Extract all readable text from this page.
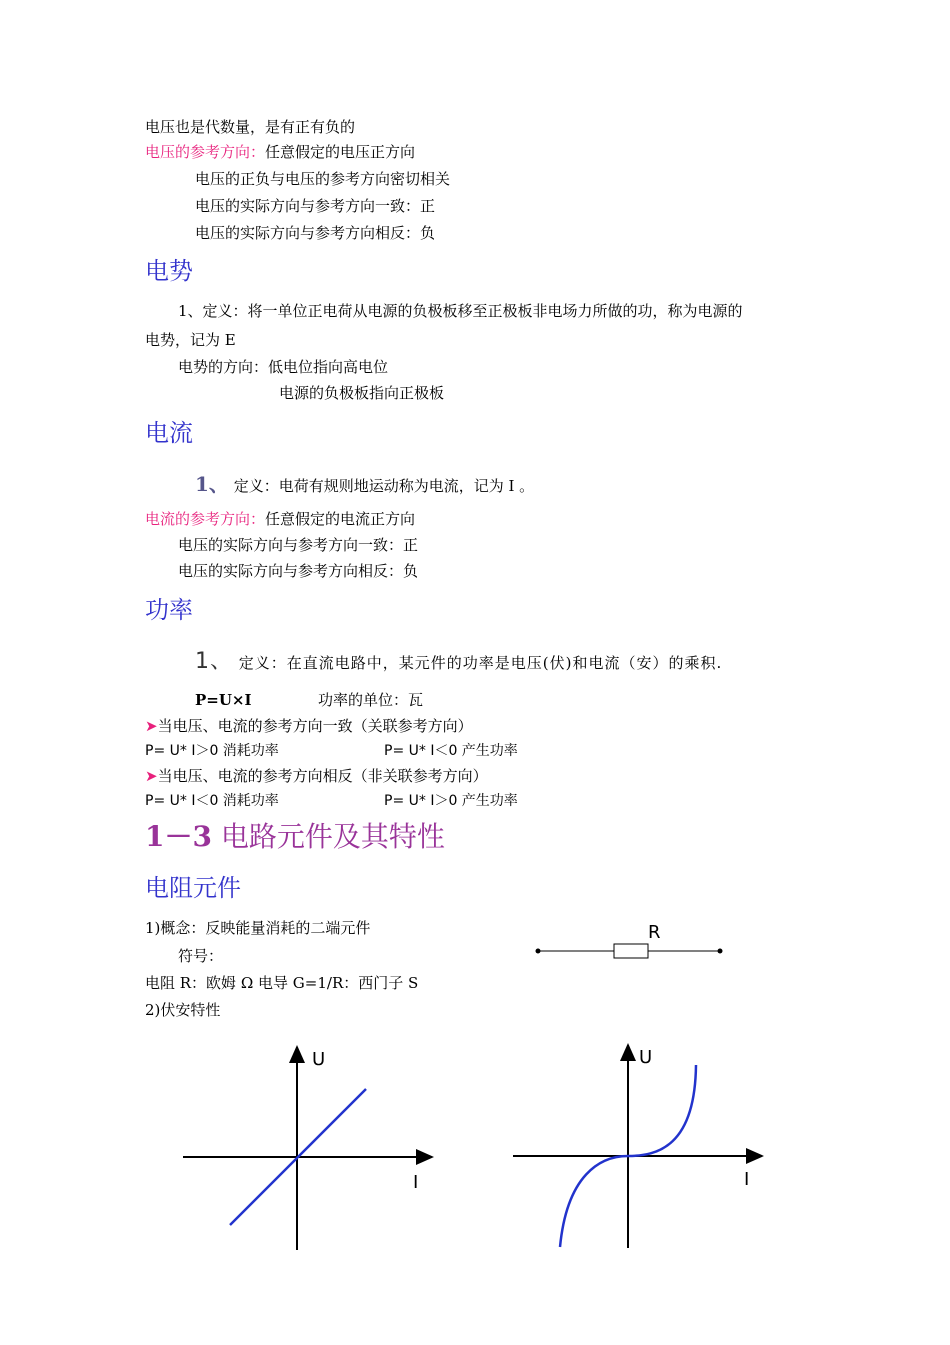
电压也是代数量，是有正有负的
电压的参考方向：任意假定的电压正方向
电压的正负与电压的参考方向密切相关
电压的实际方向与参考方向一致：正
电压的实际方向与参考方向相反：负
电势
1、定义：将一单位正电荷从电源的负极板移至正极板非电场力所做的功，称为电源的
电势，记为 E
电势的方向：低电位指向高电位
电源的负极板指向正极板
电流
1、 定义：电荷有规则地运动称为电流，记为 I 。
电流的参考方向：任意假定的电流正方向
电压的实际方向与参考方向一致：正
电压的实际方向与参考方向相反：负
功率
1、 定义：在直流电路中，某元件的功率是电压(伏)和电流（安）的乘积.
P=U×I	功率的单位：瓦
➤当电压、电流的参考方向一致（关联参考方向）
P= U* I＞0 消耗功率	P= U* I＜0 产生功率
➤当电压、电流的参考方向相反（非关联参考方向）
P= U* I＜0 消耗功率	P= U* I＞0 产生功率
1－3 电路元件及其特性
电阻元件
1)概念：反映能量消耗的二端元件
符号：
电阻 R：欧姆 Ω 电导 G=1/R：西门子 S
2)伏安特性
R
U
I
U
I
